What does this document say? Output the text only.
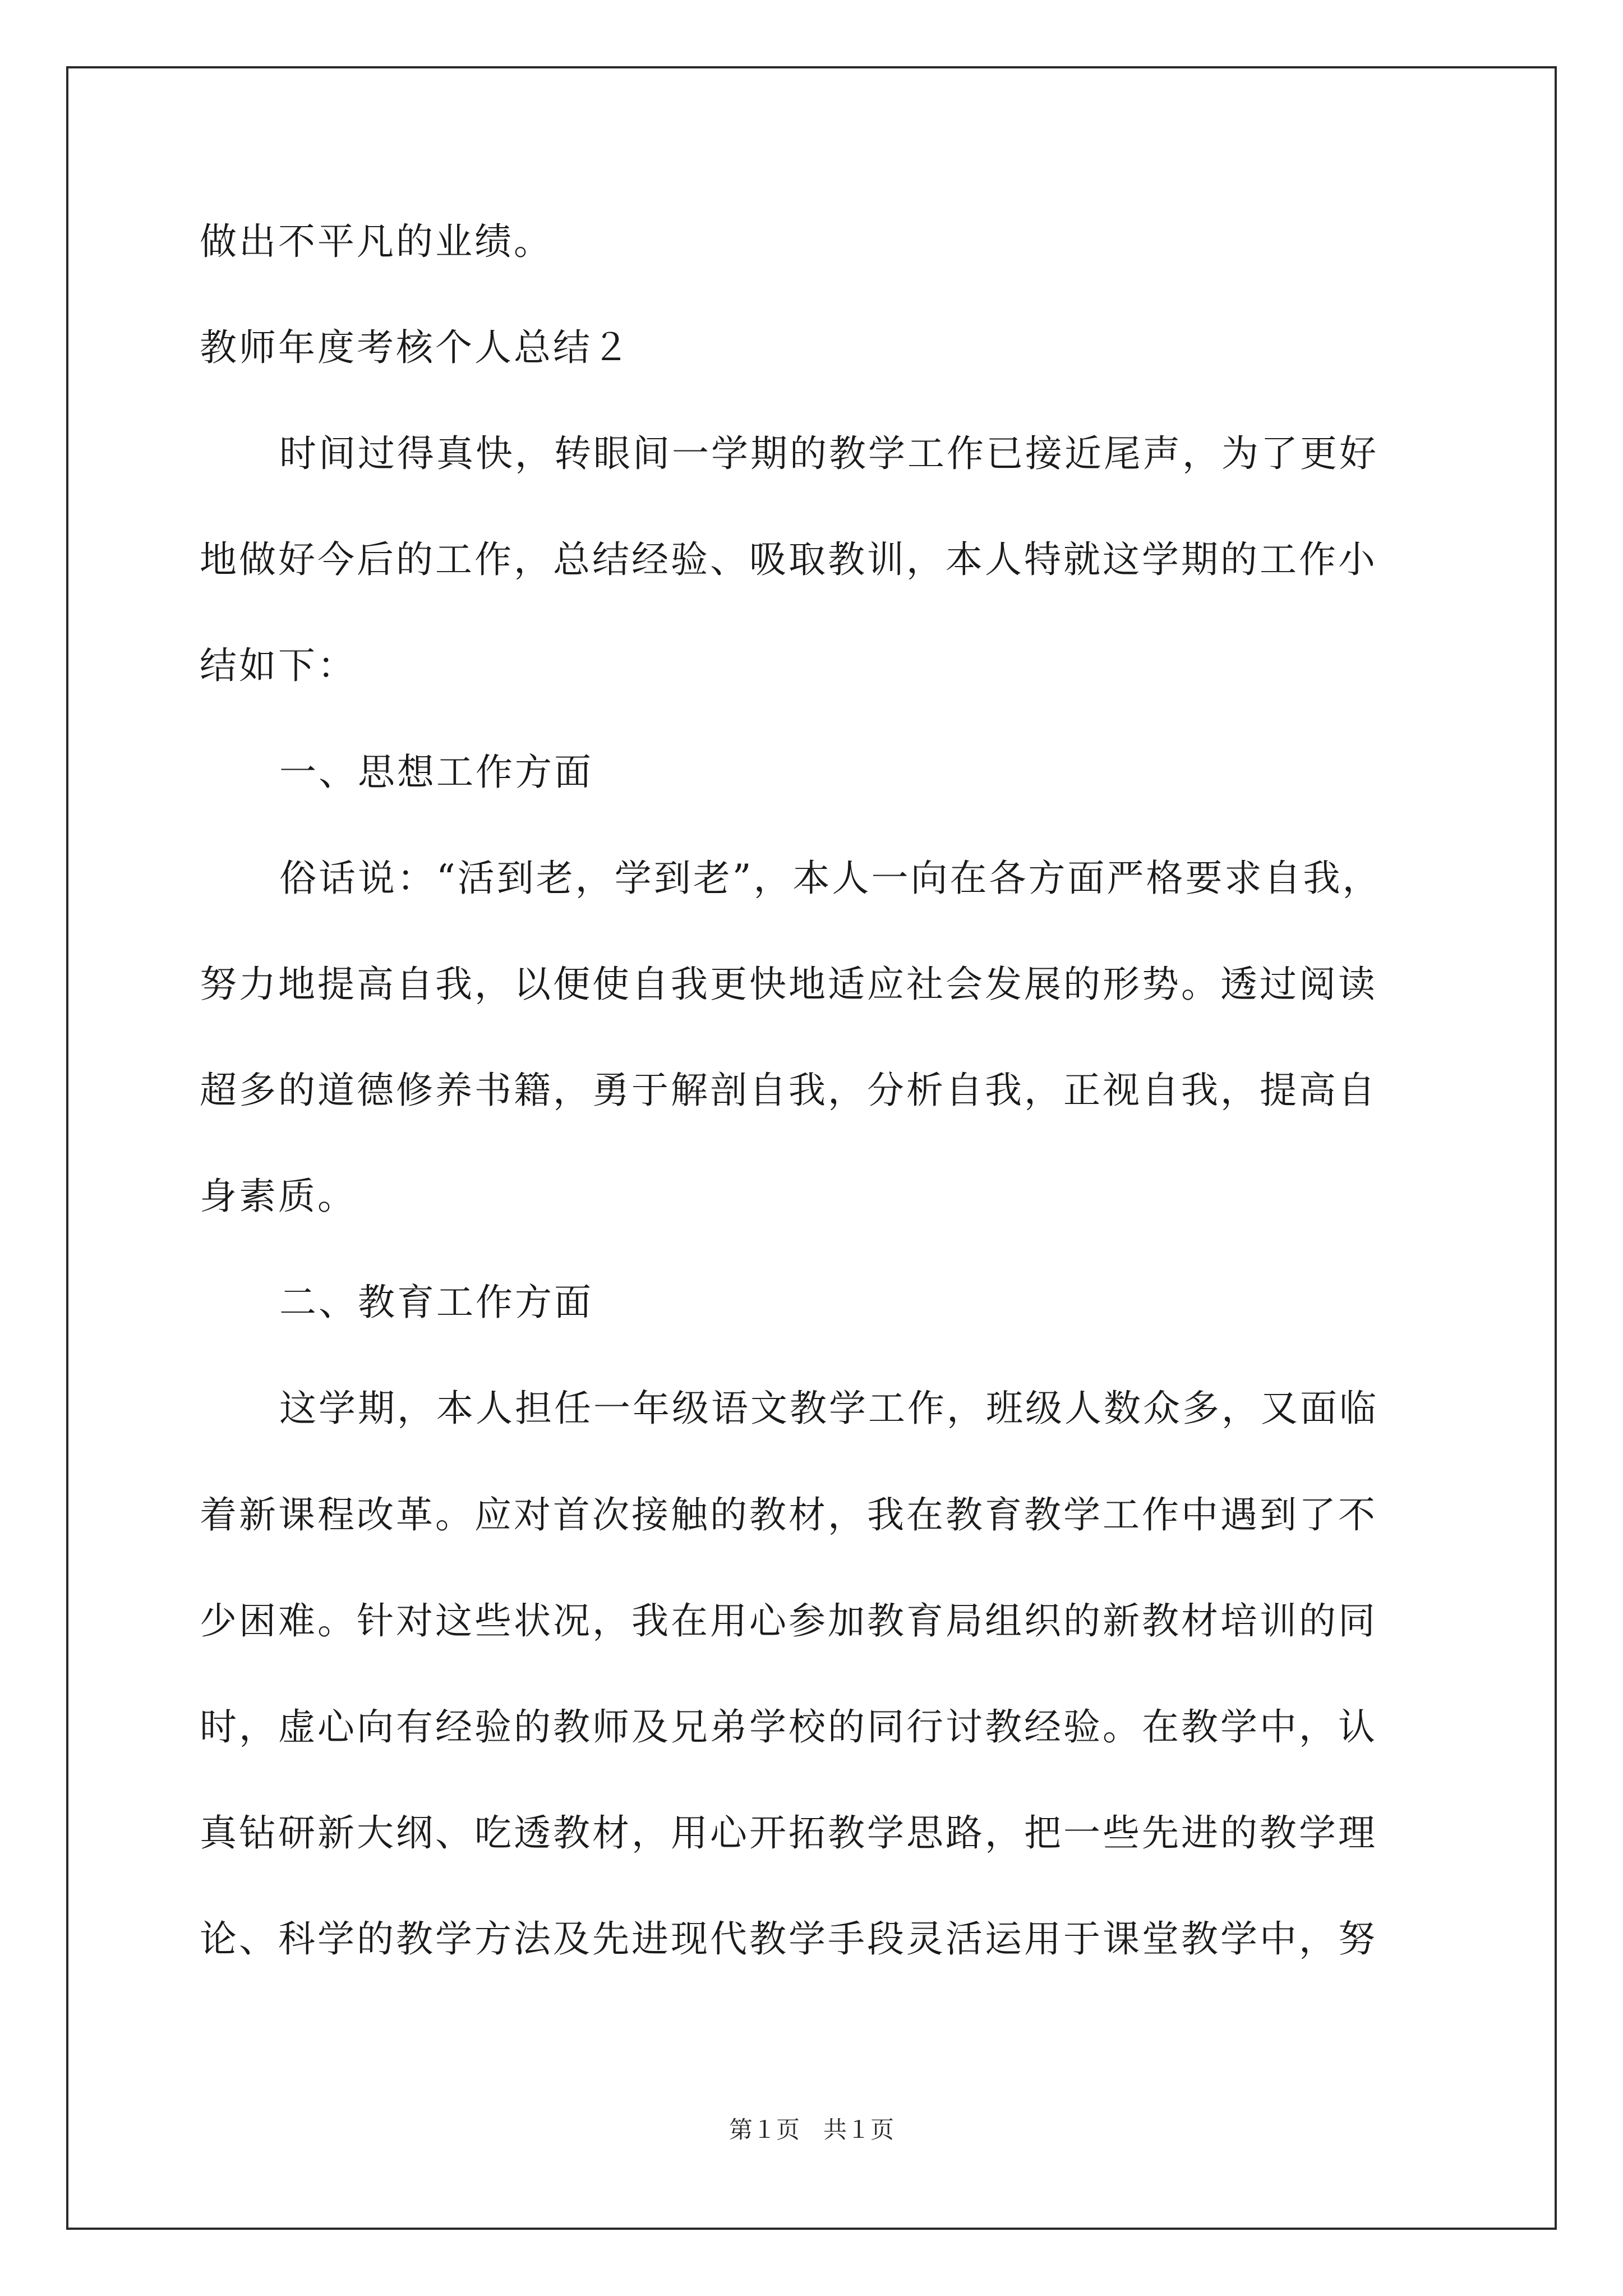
做出不平凡的业绩。
教师年度考核个人总结２
时间过得真快，转眼间一学期的教学工作已接近尾声，为了更好
地做好今后的工作，总结经验、吸取教训，本人特就这学期的工作小
结如下：
一、思想工作方面
俗话说：“活到老，学到老”，本人一向在各方面严格要求自我，
努力地提高自我，以便使自我更快地适应社会发展的形势。透过阅读
超多的道德修养书籍，勇于解剖自我，分析自我，正视自我，提高自
身素质。
二、教育工作方面
这学期，本人担任一年级语文教学工作，班级人数众多，又面临
着新课程改革。应对首次接触的教材，我在教育教学工作中遇到了不
少困难。针对这些状况，我在用心参加教育局组织的新教材培训的同
时，虚心向有经验的教师及兄弟学校的同行讨教经验。在教学中，认
真钻研新大纲、吃透教材，用心开拓教学思路，把一些先进的教学理
论、科学的教学方法及先进现代教学手段灵活运用于课堂教学中，努
第１页　共１页
